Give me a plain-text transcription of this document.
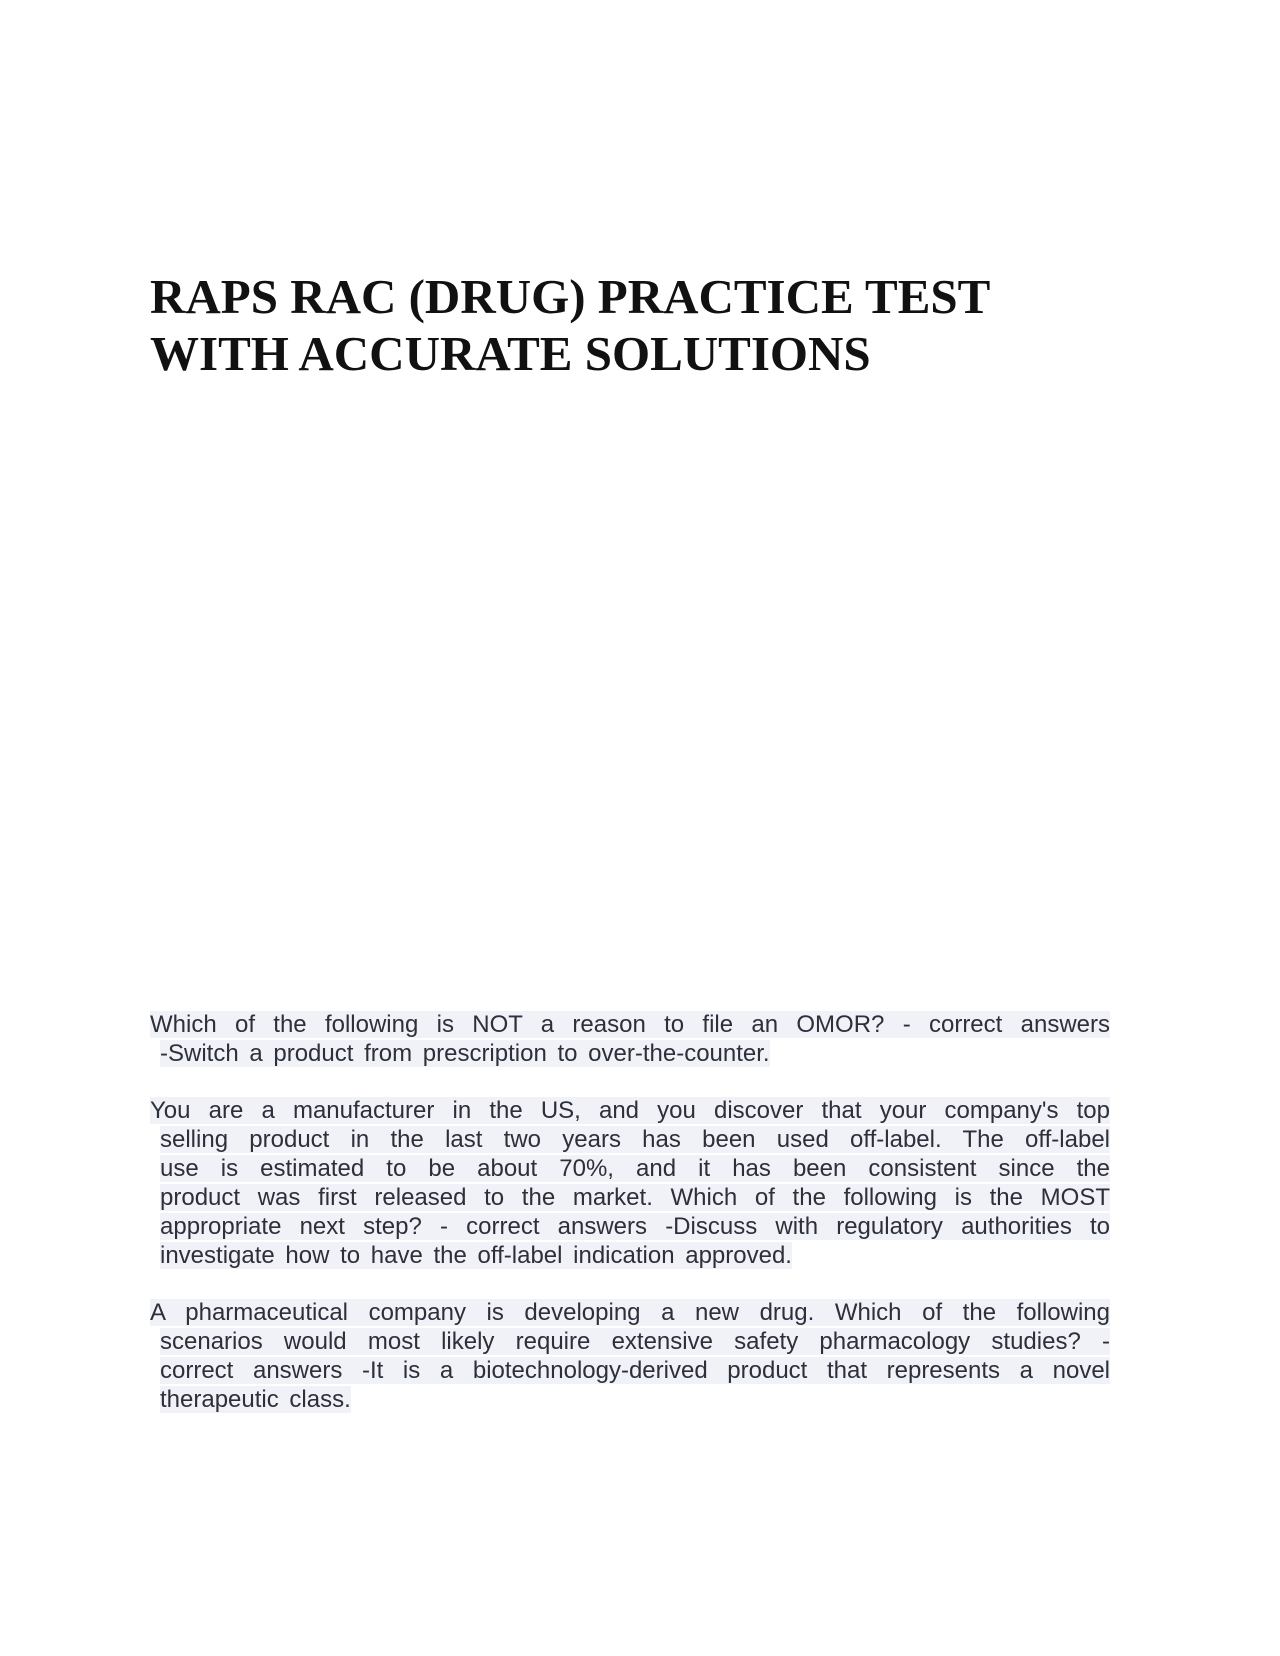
RAPS RAC (DRUG) PRACTICE TEST
WITH ACCURATE SOLUTIONS
Which of the following is NOT a reason to file an OMOR? - correct answers
-Switch a product from prescription to over-the-counter.
You are a manufacturer in the US, and you discover that your company's top
selling product in the last two years has been used off-label. The off-label
use is estimated to be about 70%, and it has been consistent since the
product was first released to the market. Which of the following is the MOST
appropriate next step? - correct answers -Discuss with regulatory authorities to
investigate how to have the off-label indication approved.
A pharmaceutical company is developing a new drug. Which of the following
scenarios would most likely require extensive safety pharmacology studies? -
correct answers -It is a biotechnology-derived product that represents a novel
therapeutic class.
